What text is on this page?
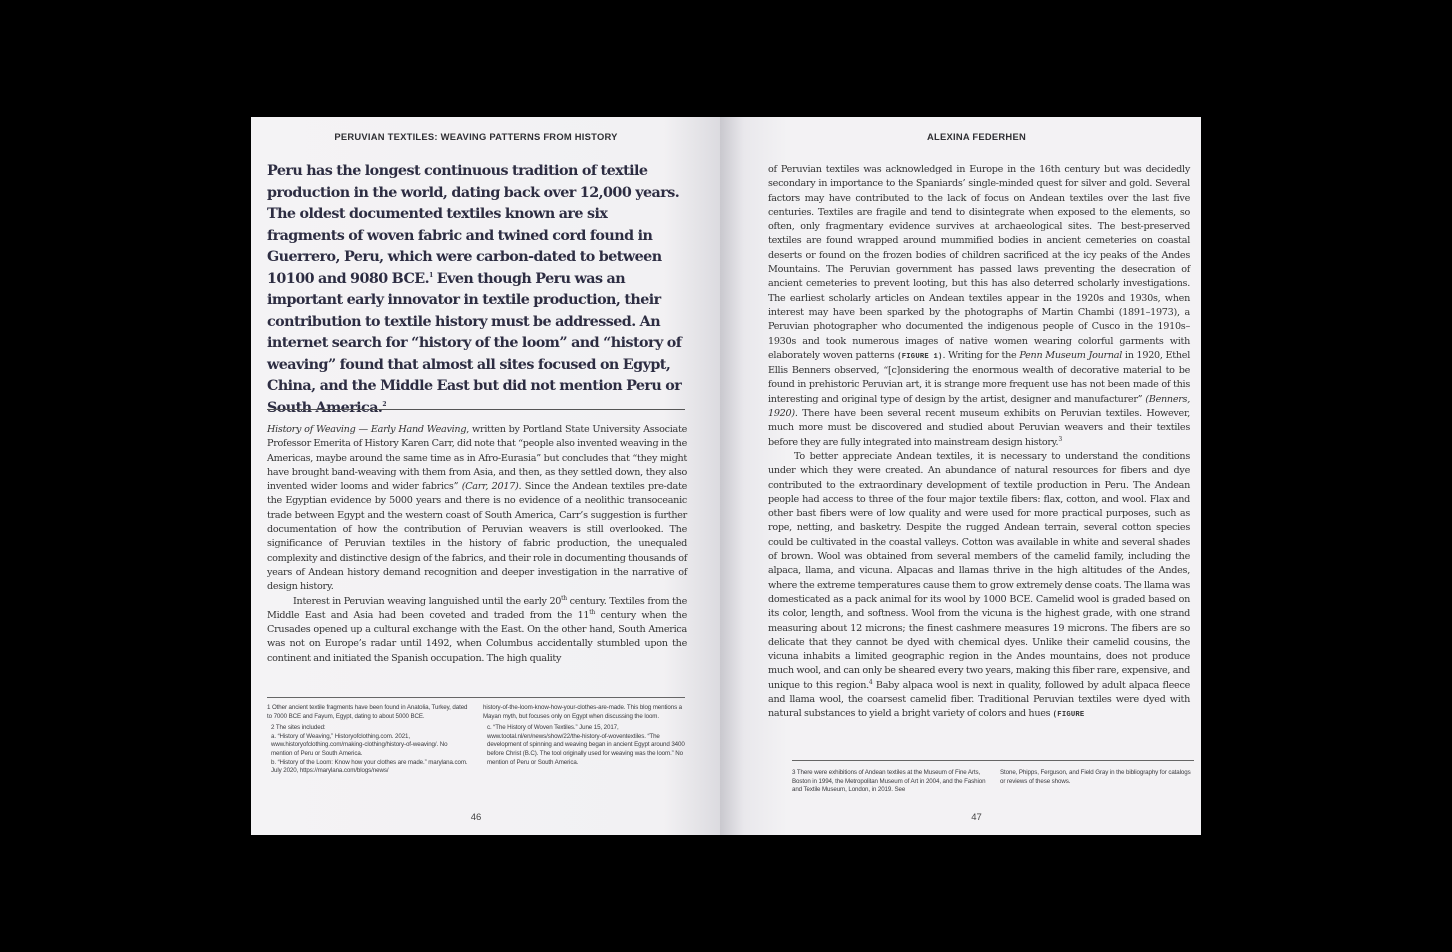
PERUVIAN TEXTILES: WEAVING PATTERNS FROM HISTORY

Peru has the longest continuous tradition of textile production in the world, dating back over 12,000 years. The oldest documented textiles known are six fragments of woven fabric and twined cord found in Guerrero, Peru, which were carbon-dated to between 10100 and 9080 BCE.$^1$ Even though Peru was an important early innovator in textile production, their contribution to textile history must be addressed. An internet search for “history of the loom” and “history of weaving” found that almost all sites focused on Egypt, China, and the Middle East but did not mention Peru or South America.$^2$

History of Weaving — Early Hand Weaving, written by Portland State University Associate Professor Emerita of History Karen Carr, did note that “people also invented weaving in the Americas, maybe around the same time as in Afro-Eurasia” but concludes that “they might have brought band-weaving with them from Asia, and then, as they settled down, they also invented wider looms and wider fabrics” (Carr, 2017). Since the Andean textiles pre-date the Egyptian evidence by 5000 years and there is no evidence of a neolithic transoceanic trade between Egypt and the western coast of South America, Carr’s suggestion is further documentation of how the contribution of Peruvian weavers is still overlooked. The significance of Peruvian textiles in the history of fabric production, the unequaled complexity and distinctive design of the fabrics, and their role in documenting thousands of years of Andean history demand recognition and deeper investigation in the narrative of design history.

Interest in Peruvian weaving languished until the early 20th century. Textiles from the Middle East and Asia had been coveted and traded from the 11th century when the Crusades opened up a cultural exchange with the East. On the other hand, South America was not on Europe’s radar until 1492, when Columbus accidentally stumbled upon the continent and initiated the Spanish occupation. The high quality

1 Other ancient textile fragments have been found in Anatolia, Turkey, dated to 7000 BCE and Fayum, Egypt, dating to about 5000 BCE.

2 The sites included:

a. “History of Weaving,” Historyofclothing.com. 2021, www.historyofclothing.com/making-clothing/history-of-weaving/. No mention of Peru or South America.

b. “History of the Loom: Know how your clothes are made.” marylana.com. July 2020, https://marylana.com/blogs/news/

history-of-the-loom-know-how-your-clothes-are-made. This blog mentions a Mayan myth, but focuses only on Egypt when discussing the loom.

c. “The History of Woven Textiles.” June 15, 2017, www.tootal.nl/en/news/show/22/the-history-of-woventextiles. “The development of spinning and weaving began in ancient Egypt around 3400 before Christ (B.C). The tool originally used for weaving was the loom.” No mention of Peru or South America.

46
ALEXINA FEDERHEN

of Peruvian textiles was acknowledged in Europe in the 16th century but was decidedly secondary in importance to the Spaniards’ single-minded quest for silver and gold. Several factors may have contributed to the lack of focus on Andean textiles over the last five centuries. Textiles are fragile and tend to disintegrate when exposed to the elements, so often, only fragmentary evidence survives at archaeological sites. The best-preserved textiles are found wrapped around mummified bodies in ancient cemeteries on coastal deserts or found on the frozen bodies of children sacrificed at the icy peaks of the Andes Mountains. The Peruvian government has passed laws preventing the desecration of ancient cemeteries to prevent looting, but this has also deterred scholarly investigations. The earliest scholarly articles on Andean textiles appear in the 1920s and 1930s, when interest may have been sparked by the photographs of Martin Chambi (1891–1973), a Peruvian photographer who documented the indigenous people of Cusco in the 1910s–1930s and took numerous images of native women wearing colorful garments with elaborately woven patterns (FIGURE 1). Writing for the Penn Museum Journal in 1920, Ethel Ellis Benners observed, “[c]onsidering the enormous wealth of decorative material to be found in prehistoric Peruvian art, it is strange more frequent use has not been made of this interesting and original type of design by the artist, designer and manufacturer” (Benners, 1920). There have been several recent museum exhibits on Peruvian textiles. However, much more must be discovered and studied about Peruvian weavers and their textiles before they are fully integrated into mainstream design history.$^3$

To better appreciate Andean textiles, it is necessary to understand the conditions under which they were created. An abundance of natural resources for fibers and dye contributed to the extraordinary development of textile production in Peru. The Andean people had access to three of the four major textile fibers: flax, cotton, and wool. Flax and other bast fibers were of low quality and were used for more practical purposes, such as rope, netting, and basketry. Despite the rugged Andean terrain, several cotton species could be cultivated in the coastal valleys. Cotton was available in white and several shades of brown. Wool was obtained from several members of the camelid family, including the alpaca, llama, and vicuna. Alpacas and llamas thrive in the high altitudes of the Andes, where the extreme temperatures cause them to grow extremely dense coats. The llama was domesticated as a pack animal for its wool by 1000 BCE. Camelid wool is graded based on its color, length, and softness. Wool from the vicuna is the highest grade, with one strand measuring about 12 microns; the finest cashmere measures 19 microns. The fibers are so delicate that they cannot be dyed with chemical dyes. Unlike their camelid cousins, the vicuna inhabits a limited geographic region in the Andes mountains, does not produce much wool, and can only be sheared every two years, making this fiber rare, expensive, and unique to this region.$^4$ Baby alpaca wool is next in quality, followed by adult alpaca fleece and llama wool, the coarsest camelid fiber. Traditional Peruvian textiles were dyed with natural substances to yield a bright variety of colors and hues (FIGURE

3 There were exhibitions of Andean textiles at the Museum of Fine Arts, Boston in 1994, the Metropolitan Museum of Art in 2004, and the Fashion and Textile Museum, London, in 2019. See

Stone, Phipps, Ferguson, and Field Gray in the bibliography for catalogs or reviews of these shows.

47
